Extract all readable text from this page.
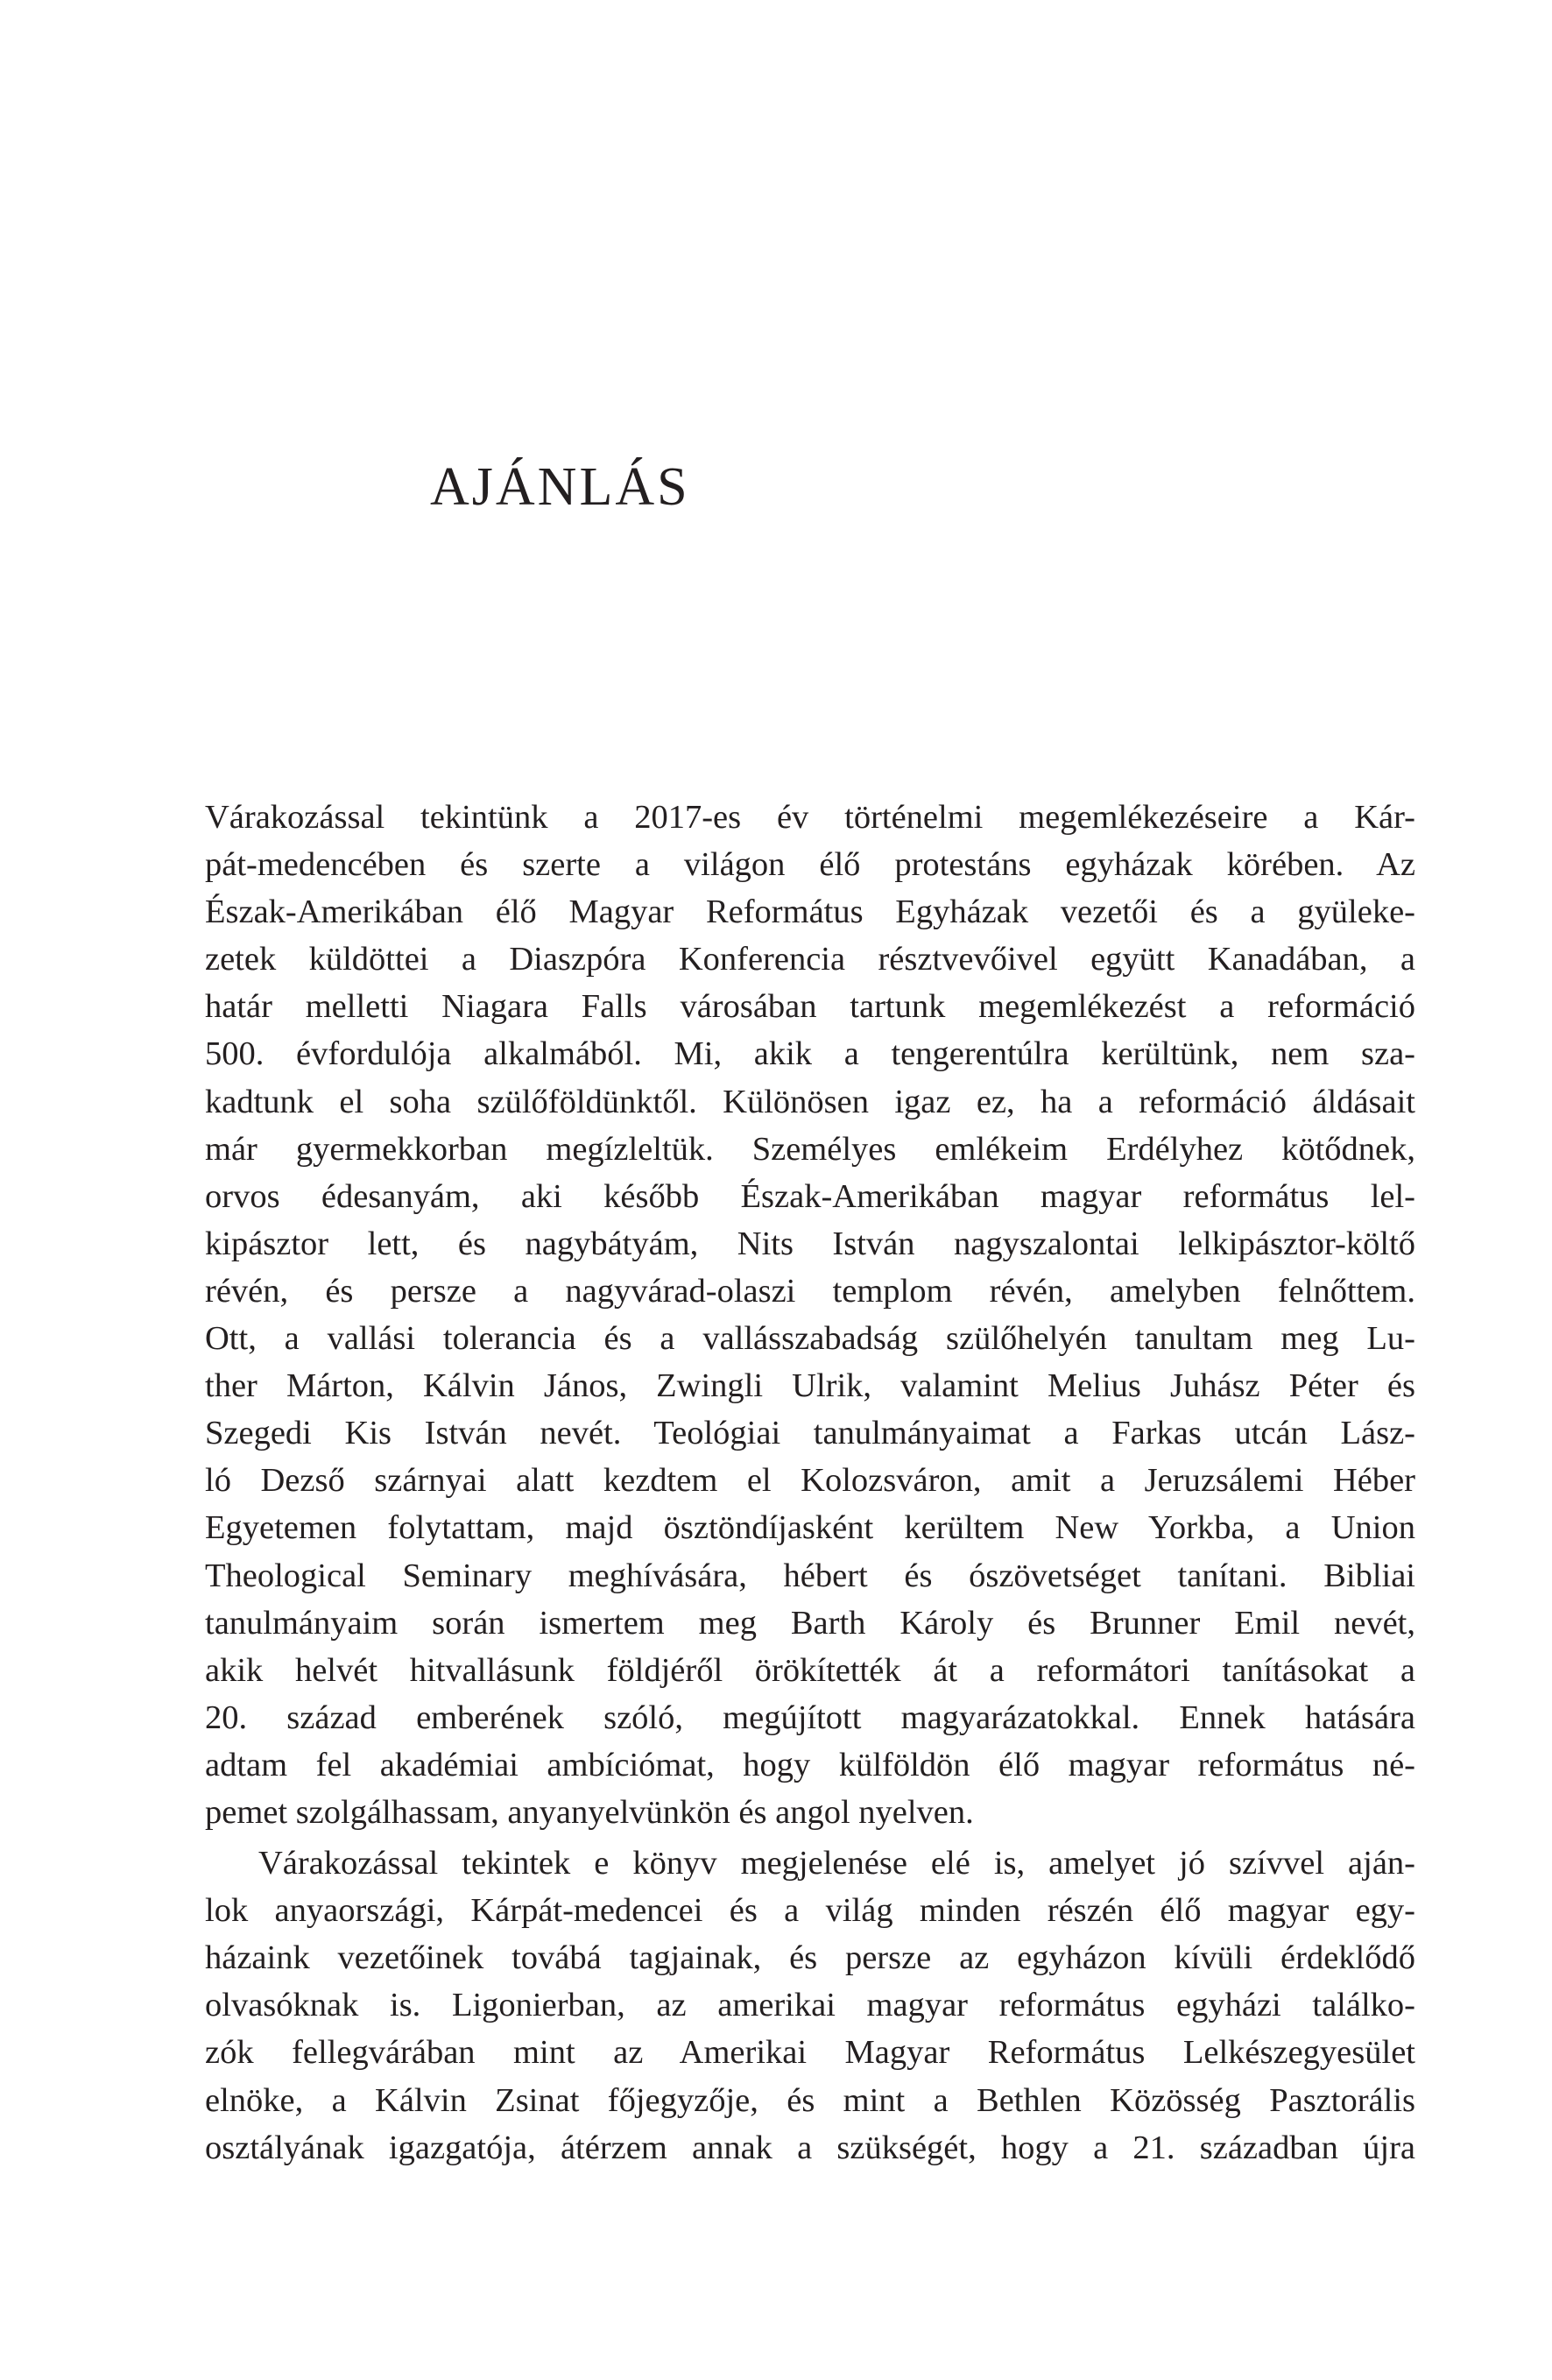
AJÁNLÁS
Várakozással tekintünk a 2017-es év történelmi megemlékezéseire a Kár-
pát-medencében és szerte a világon élő protestáns egyházak körében. Az
Észak-Amerikában élő Magyar Református Egyházak vezetői és a gyüleke-
zetek küldöttei a Diaszpóra Konferencia résztvevőivel együtt Kanadában, a
határ melletti Niagara Falls városában tartunk megemlékezést a reformáció
500. évfordulója alkalmából. Mi, akik a tengerentúlra kerültünk, nem sza-
kadtunk el soha szülőföldünktől. Különösen igaz ez, ha a reformáció áldásait
már gyermekkorban megízleltük. Személyes emlékeim Erdélyhez kötődnek,
orvos édesanyám, aki később Észak-Amerikában magyar református lel-
kipásztor lett, és nagybátyám, Nits István nagyszalontai lelkipásztor-költő
révén, és persze a nagyvárad-olaszi templom révén, amelyben felnőttem.
Ott, a vallási tolerancia és a vallásszabadság szülőhelyén tanultam meg Lu-
ther Márton, Kálvin János, Zwingli Ulrik, valamint Melius Juhász Péter és
Szegedi Kis István nevét. Teológiai tanulmányaimat a Farkas utcán Lász-
ló Dezső szárnyai alatt kezdtem el Kolozsváron, amit a Jeruzsálemi Héber
Egyetemen folytattam, majd ösztöndíjasként kerültem New Yorkba, a Union
Theological Seminary meghívására, hébert és ószövetséget tanítani. Bibliai
tanulmányaim során ismertem meg Barth Károly és Brunner Emil nevét,
akik helvét hitvallásunk földjéről örökítették át a reformátori tanításokat a
20. század emberének szóló, megújított magyarázatokkal. Ennek hatására
adtam fel akadémiai ambíciómat, hogy külföldön élő magyar református né-
pemet szolgálhassam, anyanyelvünkön és angol nyelven.
Várakozással tekintek e könyv megjelenése elé is, amelyet jó szívvel aján-
lok anyaországi, Kárpát-medencei és a világ minden részén élő magyar egy-
házaink vezetőinek továbá tagjainak, és persze az egyházon kívüli érdeklődő
olvasóknak is. Ligonierban, az amerikai magyar református egyházi találko-
zók fellegvárában mint az Amerikai Magyar Református Lelkészegyesület
elnöke, a Kálvin Zsinat főjegyzője, és mint a Bethlen Közösség Pasztorális
osztályának igazgatója, átérzem annak a szükségét, hogy a 21. században újra
